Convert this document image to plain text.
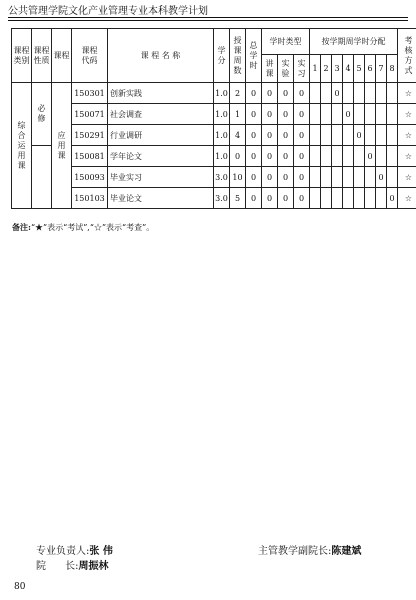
公共管理学院文化产业管理专业本科教学计划
课程类别	课程性质	课程	课程代码	课 程 名 称	学分	授课周数	总学时	学时类型			按学期周学时分配								考核方式
								讲课	实验	实习	1	2	3	4	5	6	7	8	
综合运用课	必修	应用课	150301	创新实践	1.0	2	0	0	0	0			0						☆
			150071	社会调查	1.0	1	0	0	0	0				0					☆
			150291	行业调研	1.0	4	0	0	0	0					0				☆
			150081	学年论文	1.0	0	0	0	0	0						0			☆
			150093	毕业实习	3.0	10	0	0	0	0							0		☆
			150103	毕业论文	3.0	5	0	0	0	0								0	☆
备注:“★”表示“考试”,“☆”表示“考查”。
专业负责人:张 伟	主管教学副院长:陈建斌
院      长:周振林
80
